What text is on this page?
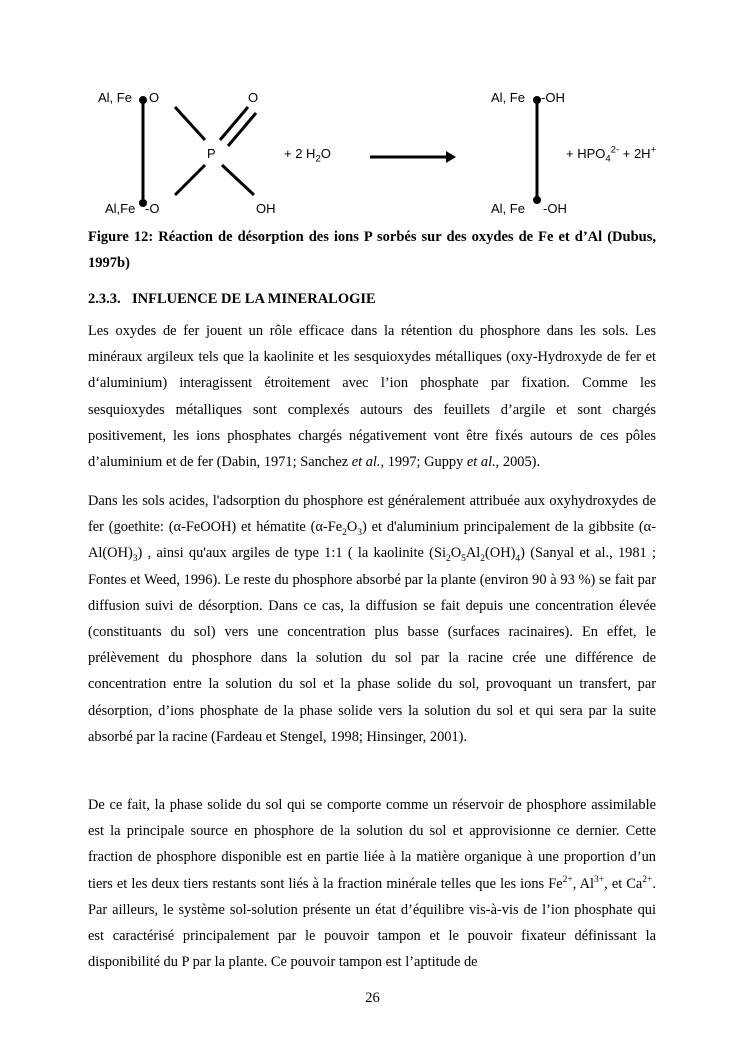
Al, Fe O	O
P
Al,Fe -O	OH
+ 2 $H_2O$
Al, Fe -OH
Al, Fe -OH
+ $HPO_4^{2-} + 2H^+$
Figure 12: Réaction de désorption des ions P sorbés sur des oxydes de Fe et d’Al (Dubus, 1997b)
2.3.3. INFLUENCE DE LA MINERALOGIE

Les oxydes de fer jouent un rôle efficace dans la rétention du phosphore dans les sols. Les minéraux argileux tels que la kaolinite et les sesquioxydes métalliques (oxy-Hydroxyde de fer et d‘aluminium) interagissent étroitement avec l’ion phosphate par fixation. Comme les sesquioxydes métalliques sont complexés autours des feuillets d’argile et sont chargés positivement, les ions phosphates chargés négativement vont être fixés autours de ces pôles d’aluminium et de fer (Dabin, 1971; Sanchez et al., 1997; Guppy et al., 2005).

Dans les sols acides, l'adsorption du phosphore est généralement attribuée aux oxyhydroxydes de fer (goethite: (α-FeOOH) et hématite $(\alpha-Fe_2O_3)$ et d'aluminium principalement de la gibbsite $(\alpha-Al(OH)_3)$ , ainsi qu'aux argiles de type 1:1 ( la kaolinite $(Si_2O_5Al_2(OH)_4)$ (Sanyal et al., 1981 ; Fontes et Weed, 1996). Le reste du phosphore absorbé par la plante (environ 90 à 93 %) se fait par diffusion suivi de désorption. Dans ce cas, la diffusion se fait depuis une concentration élevée (constituants du sol) vers une concentration plus basse (surfaces racinaires). En effet, le prélèvement du phosphore dans la solution du sol par la racine crée une différence de concentration entre la solution du sol et la phase solide du sol, provoquant un transfert, par désorption, d’ions phosphate de la phase solide vers la solution du sol et qui sera par la suite absorbé par la racine (Fardeau et Stengel, 1998; Hinsinger, 2001).

De ce fait, la phase solide du sol qui se comporte comme un réservoir de phosphore assimilable est la principale source en phosphore de la solution du sol et approvisionne ce dernier. Cette fraction de phosphore disponible est en partie liée à la matière organique à une proportion d’un tiers et les deux tiers restants sont liés à la fraction minérale telles que les ions $Fe^{2+}$, $Al^{3+}$, et $Ca^{2+}$. Par ailleurs, le système sol-solution présente un état d’équilibre vis-à-vis de l’ion phosphate qui est caractérisé principalement par le pouvoir tampon et le pouvoir fixateur définissant la disponibilité du P par la plante. Ce pouvoir tampon est l’aptitude de

26
